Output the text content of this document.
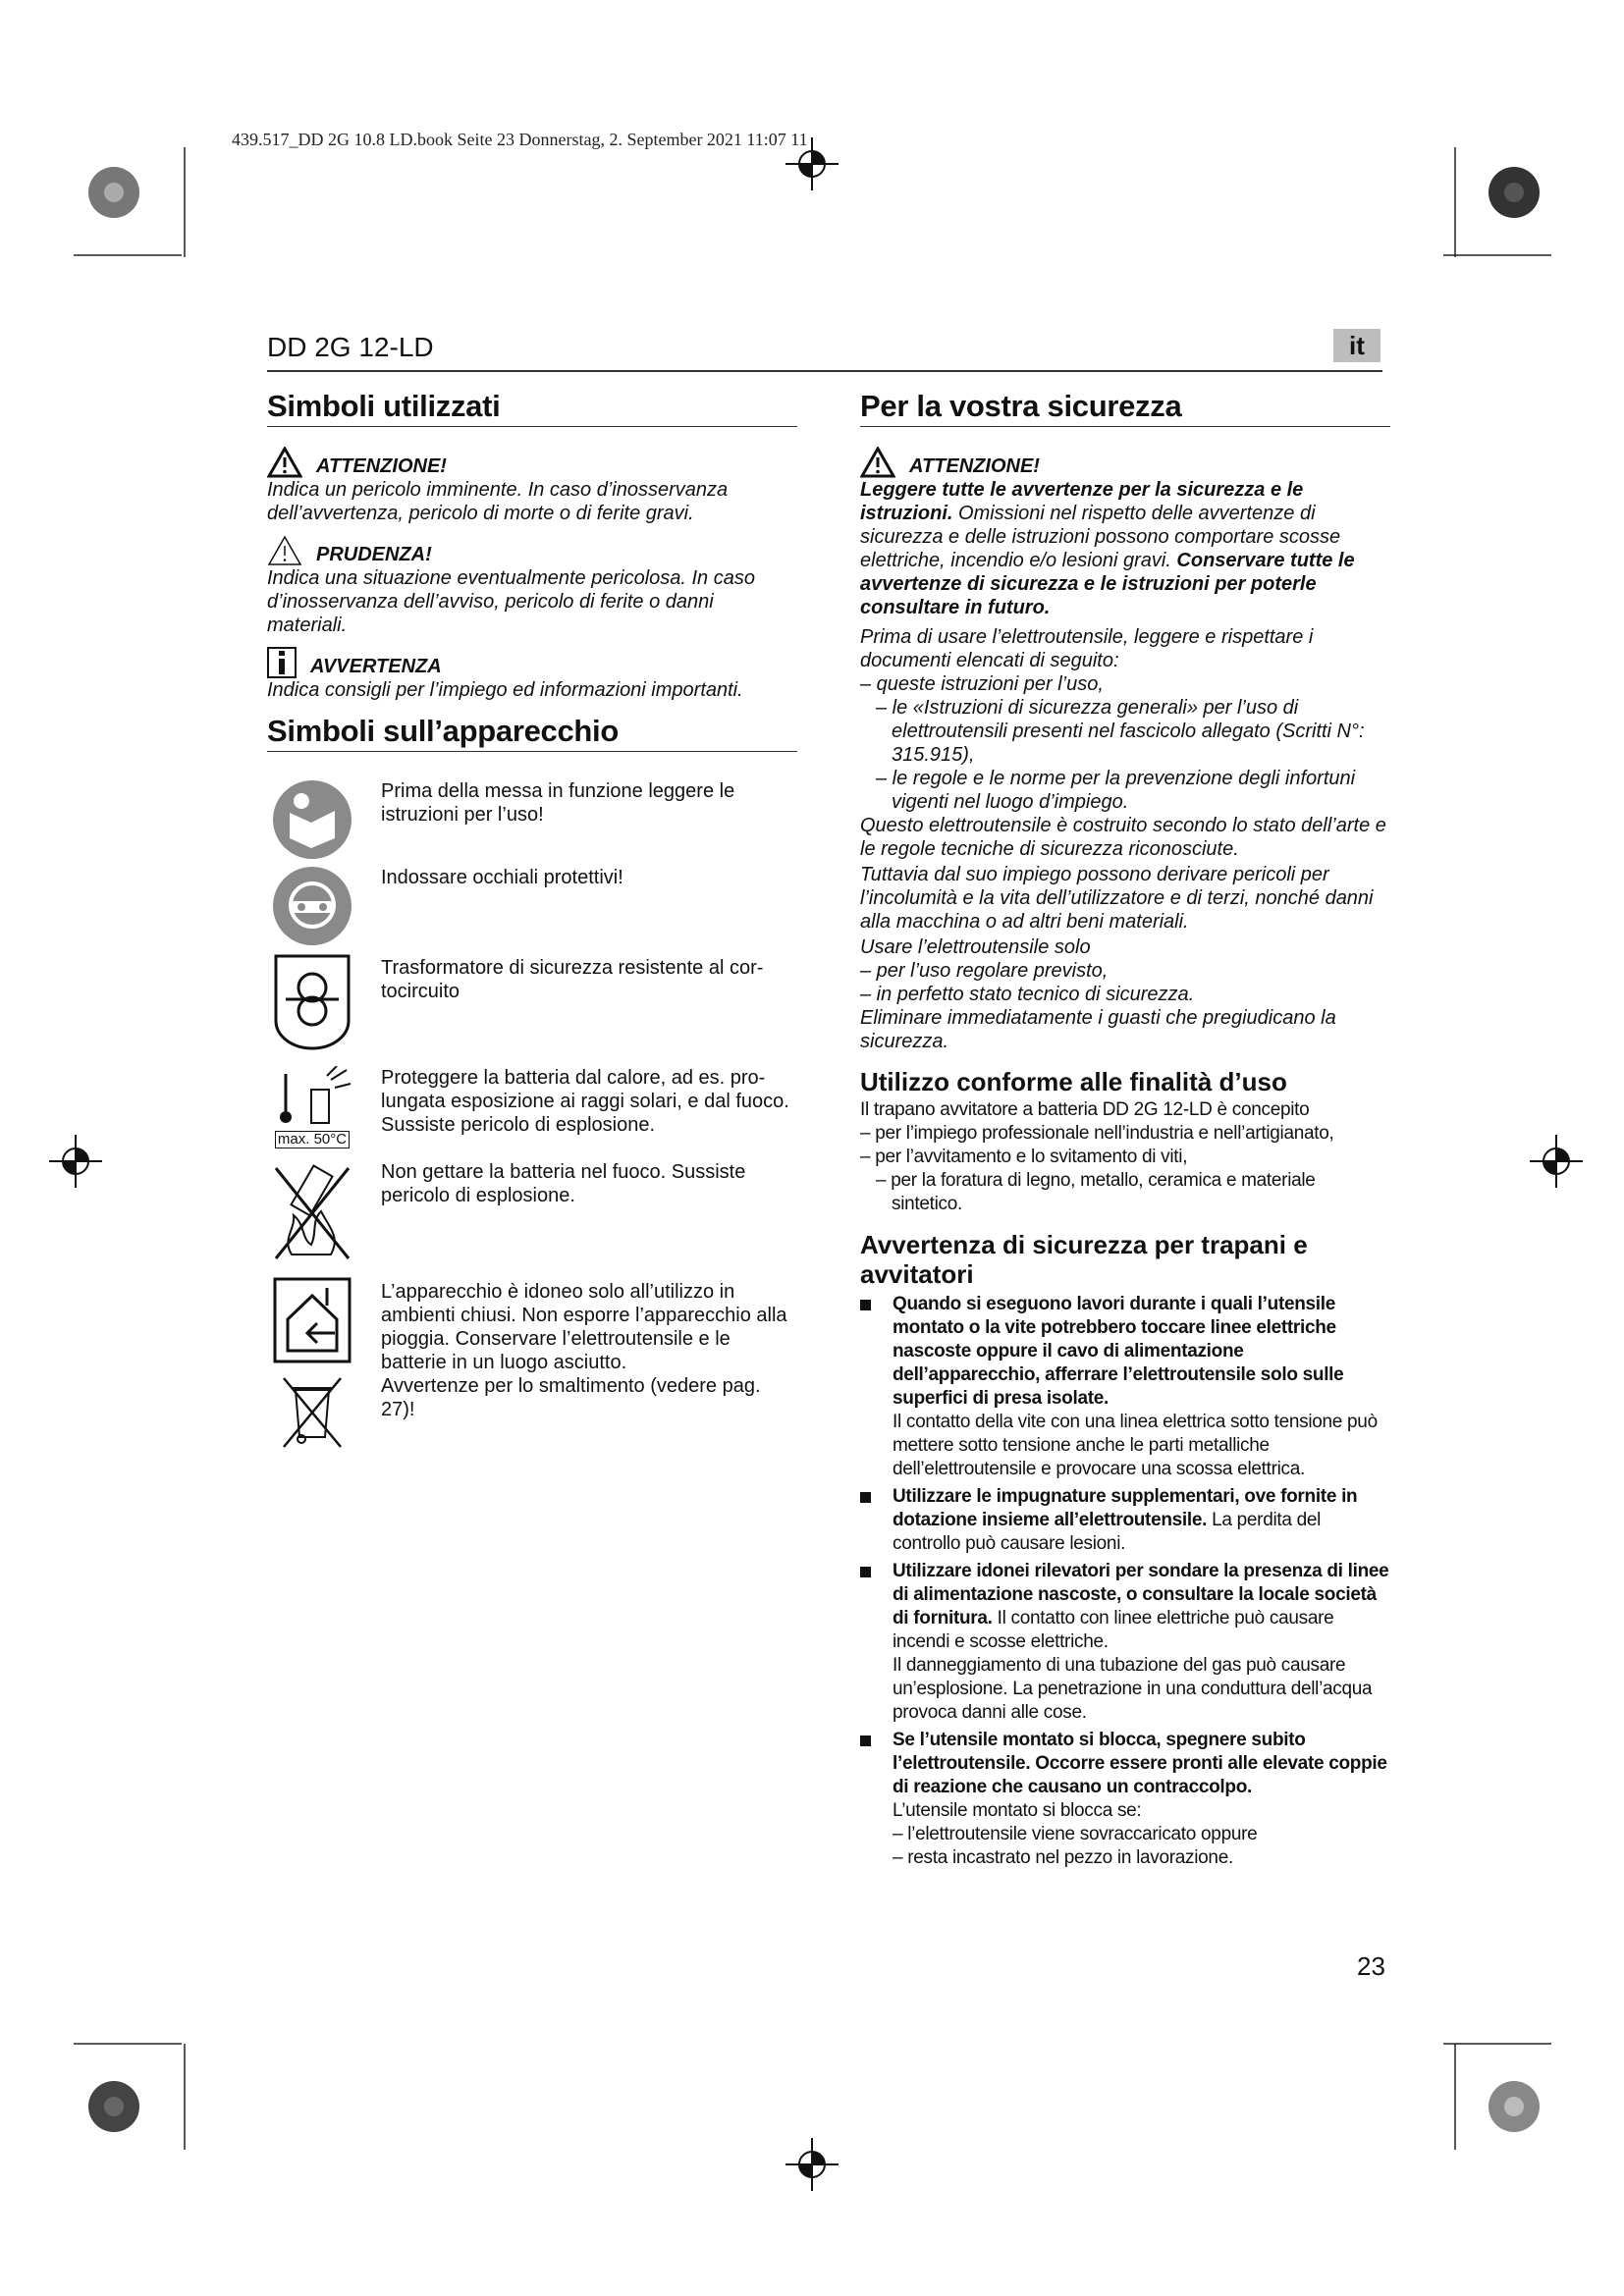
439.517_DD 2G 10.8 LD.book Seite 23 Donnerstag, 2. September 2021 11:07 11
DD 2G 12-LD	it
Simboli utilizzati
ATTENZIONE!

Indica un pericolo imminente. In caso d’inosservanza dell’avvertenza, pericolo di morte o di ferite gravi.

PRUDENZA!

Indica una situazione eventualmente pericolosa. In caso d’inosservanza dell’avviso, pericolo di ferite o danni materiali.

AVVERTENZA

Indica consigli per l’impiego ed informazioni importanti.

Simboli sull’apparecchio
Prima della messa in funzione leggere le istruzioni per l’uso!
Indossare occhiali protettivi!
Trasformatore di sicurezza resistente al cor-tocircuito
max. 50°C
Proteggere la batteria dal calore, ad es. pro-lungata esposizione ai raggi solari, e dal fuoco.
Sussiste pericolo di esplosione.
Non gettare la batteria nel fuoco. Sussiste pericolo di esplosione.
L’apparecchio è idoneo solo all’utilizzo in ambienti chiusi. Non esporre l’apparecchio alla pioggia. Conservare l’elettroutensile e le batterie in un luogo asciutto.
Avvertenze per lo smaltimento (vedere pag. 27)!
Per la vostra sicurezza
ATTENZIONE!

Leggere tutte le avvertenze per la sicurezza e le istruzioni. Omissioni nel rispetto delle avvertenze di sicurezza e delle istruzioni possono comportare scosse elettriche, incendio e/o lesioni gravi. Conservare tutte le avvertenze di sicurezza e le istruzioni per poterle consultare in futuro.

Prima di usare l’elettroutensile, leggere e rispettare i documenti elencati di seguito:

– queste istruzioni per l’uso,

– le «Istruzioni di sicurezza generali» per l’uso di elettroutensili presenti nel fascicolo allegato (Scritti N°: 315.915),

– le regole e le norme per la prevenzione degli infortuni vigenti nel luogo d’impiego.

Questo elettroutensile è costruito secondo lo stato dell’arte e le regole tecniche di sicurezza riconosciute.

Tuttavia dal suo impiego possono derivare pericoli per l’incolumità e la vita dell’utilizzatore e di terzi, nonché danni alla macchina o ad altri beni materiali.

Usare l’elettroutensile solo

– per l’uso regolare previsto,

– in perfetto stato tecnico di sicurezza.

Eliminare immediatamente i guasti che pregiudicano la sicurezza.

Utilizzo conforme alle finalità d’uso

Il trapano avvitatore a batteria DD 2G 12-LD è concepito

– per l’impiego professionale nell’industria e nell’artigianato,

– per l’avvitamento e lo svitamento di viti,

– per la foratura di legno, metallo, ceramica e materiale sintetico.

Avvertenza di sicurezza per trapani e avvitatori
Quando si eseguono lavori durante i quali l’utensile montato o la vite potrebbero toccare linee elettriche nascoste oppure il cavo di alimentazione dell’apparecchio, afferrare l’elettroutensile solo sulle superfici di presa isolate.
Il contatto della vite con una linea elettrica sotto tensione può mettere sotto tensione anche le parti metalliche dell’elettroutensile e provocare una scossa elettrica.
Utilizzare le impugnature supplementari, ove fornite in dotazione insieme all’elettroutensile. La perdita del controllo può causare lesioni.
Utilizzare idonei rilevatori per sondare la presenza di linee di alimentazione nascoste, o consultare la locale società di fornitura. Il contatto con linee elettriche può causare incendi e scosse elettriche.
Il danneggiamento di una tubazione del gas può causare un’esplosione. La penetrazione in una conduttura dell’acqua provoca danni alle cose.
Se l’utensile montato si blocca, spegnere subito l’elettroutensile. Occorre essere pronti alle elevate coppie di reazione che causano un contraccolpo.
L’utensile montato si blocca se:
– l’elettroutensile viene sovraccaricato oppure
– resta incastrato nel pezzo in lavorazione.
23
